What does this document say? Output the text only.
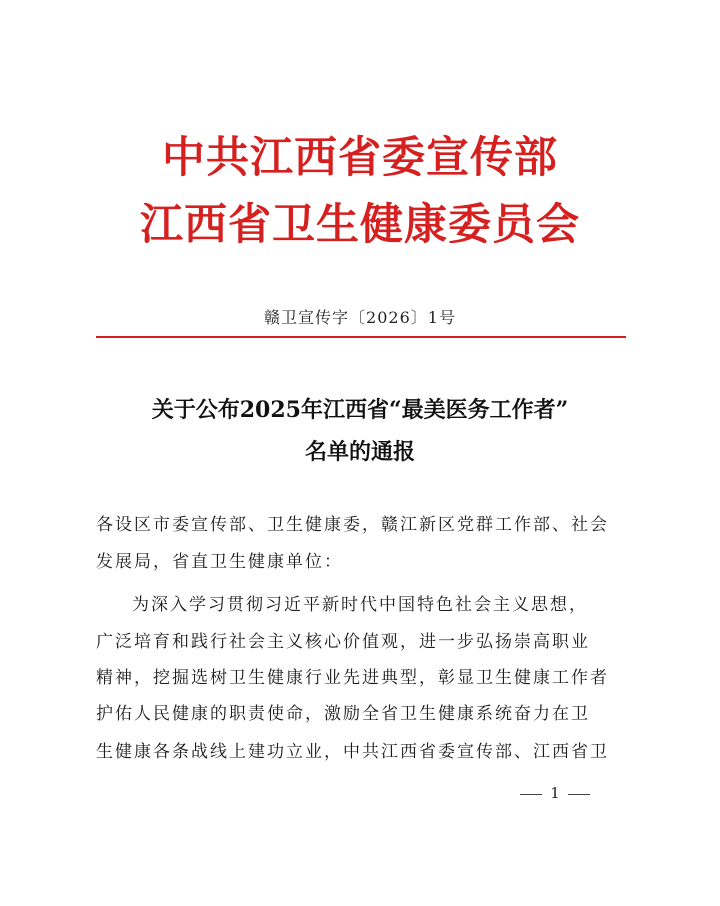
中共江西省委宣传部
江西省卫生健康委员会
赣卫宣传字〔2026〕1号
关于公布2025年江西省“最美医务工作者”
名单的通报
各设区市委宣传部、卫生健康委，赣江新区党群工作部、社会
发展局，省直卫生健康单位：
为深入学习贯彻习近平新时代中国特色社会主义思想，
广泛培育和践行社会主义核心价值观，进一步弘扬崇高职业
精神，挖掘选树卫生健康行业先进典型，彰显卫生健康工作者
护佑人民健康的职责使命，激励全省卫生健康系统奋力在卫
生健康各条战线上建功立业，中共江西省委宣传部、江西省卫
1
